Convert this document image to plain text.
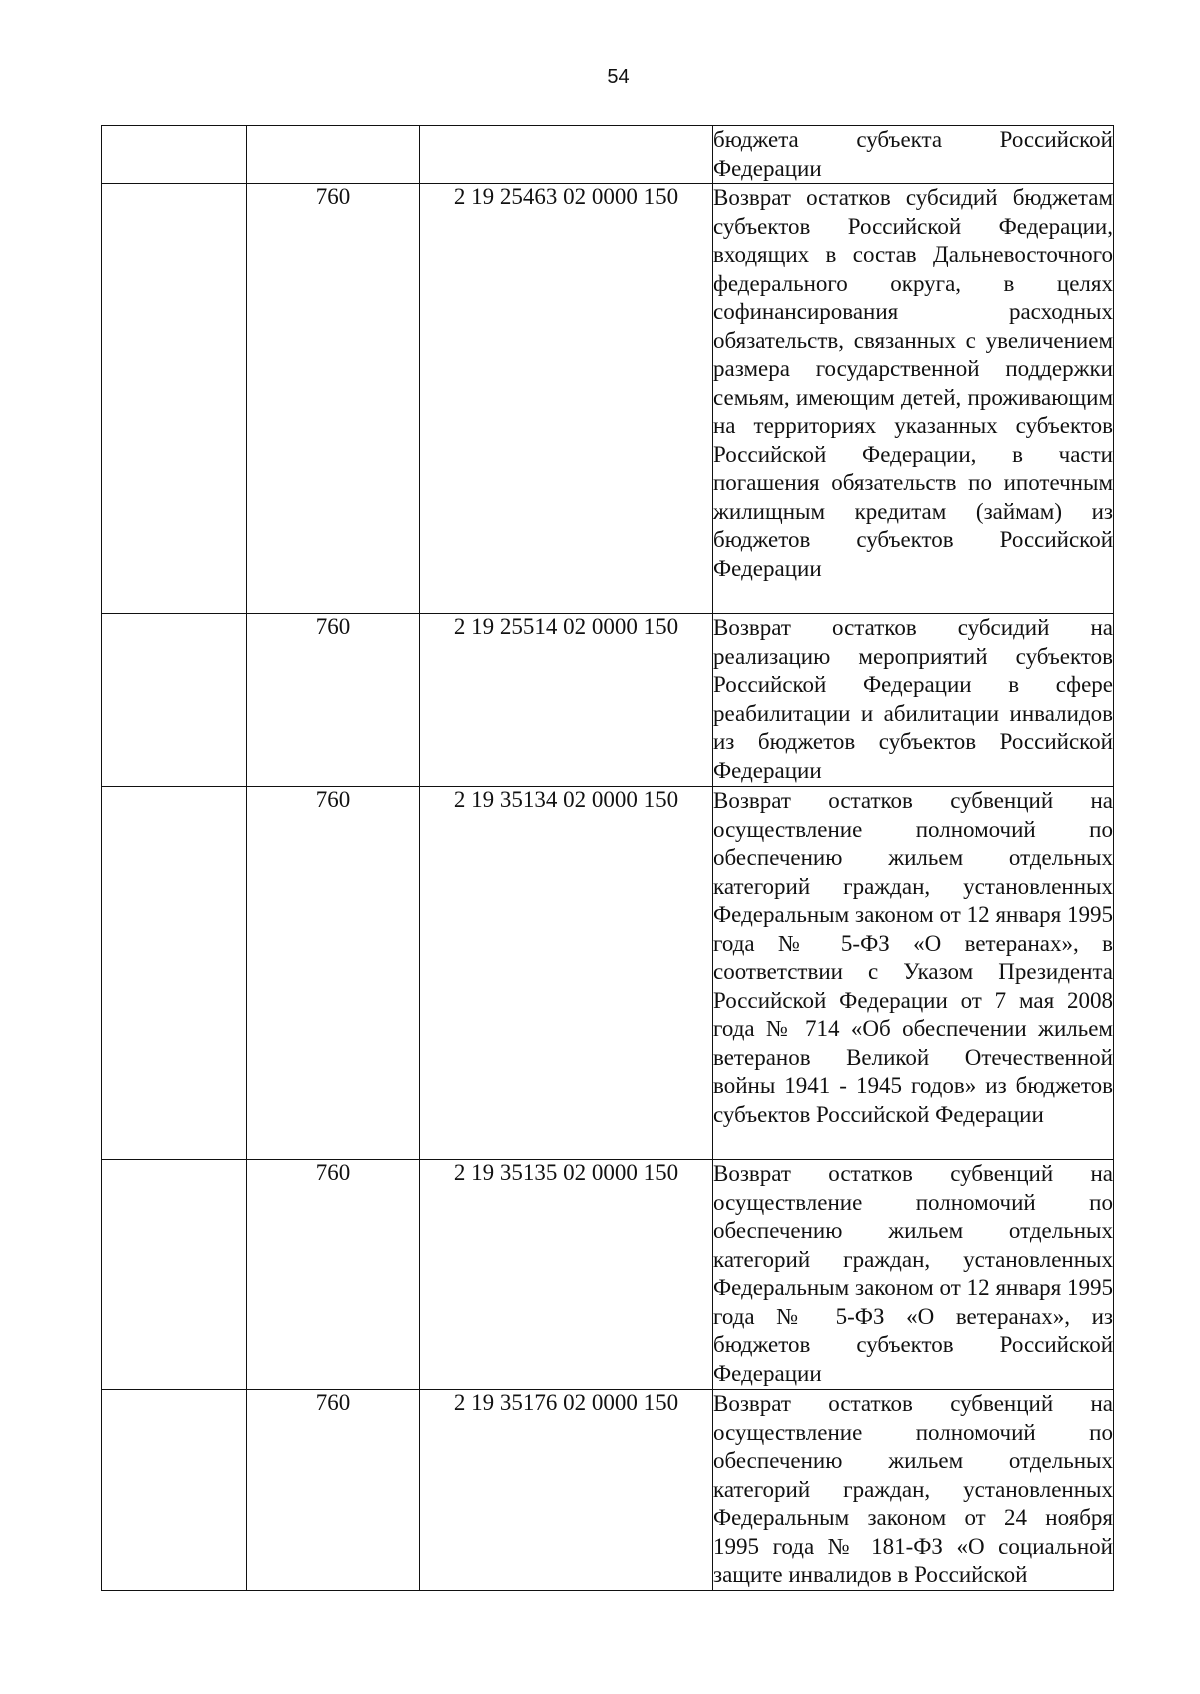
54
			бюджета субъекта Российской Федерации
	760	2 19 25463 02 0000 150	Возврат остатков субсидий бюджетам субъектов Российской Федерации, входящих в состав Дальневосточного федерального округа, в целях софинансирования расходных обязательств, связанных с увеличением размера государственной поддержки семьям, имеющим детей, проживающим на территориях указанных субъектов Российской Федерации, в части погашения обязательств по ипотечным жилищным кредитам (займам) из бюджетов субъектов Российской Федерации
	760	2 19 25514 02 0000 150	Возврат остатков субсидий на реализацию мероприятий субъектов Российской Федерации в сфере реабилитации и абилитации инвалидов из бюджетов субъектов Российской Федерации
	760	2 19 35134 02 0000 150	Возврат остатков субвенций на осуществление полномочий по обеспечению жильем отдельных категорий граждан, установленных Федеральным законом от 12 января 1995 года № 5-ФЗ «О ветеранах», в соответствии с Указом Президента Российской Федерации от 7 мая 2008 года № 714 «Об обеспечении жильем ветеранов Великой Отечественной войны 1941 - 1945 годов» из бюджетов субъектов Российской Федерации
	760	2 19 35135 02 0000 150	Возврат остатков субвенций на осуществление полномочий по обеспечению жильем отдельных категорий граждан, установленных Федеральным законом от 12 января 1995 года № 5-ФЗ «О ветеранах», из бюджетов субъектов Российской Федерации
	760	2 19 35176 02 0000 150	Возврат остатков субвенций на осуществление полномочий по обеспечению жильем отдельных категорий граждан, установленных Федеральным законом от 24 ноября 1995 года № 181-ФЗ «О социальной защите инвалидов в Российской
